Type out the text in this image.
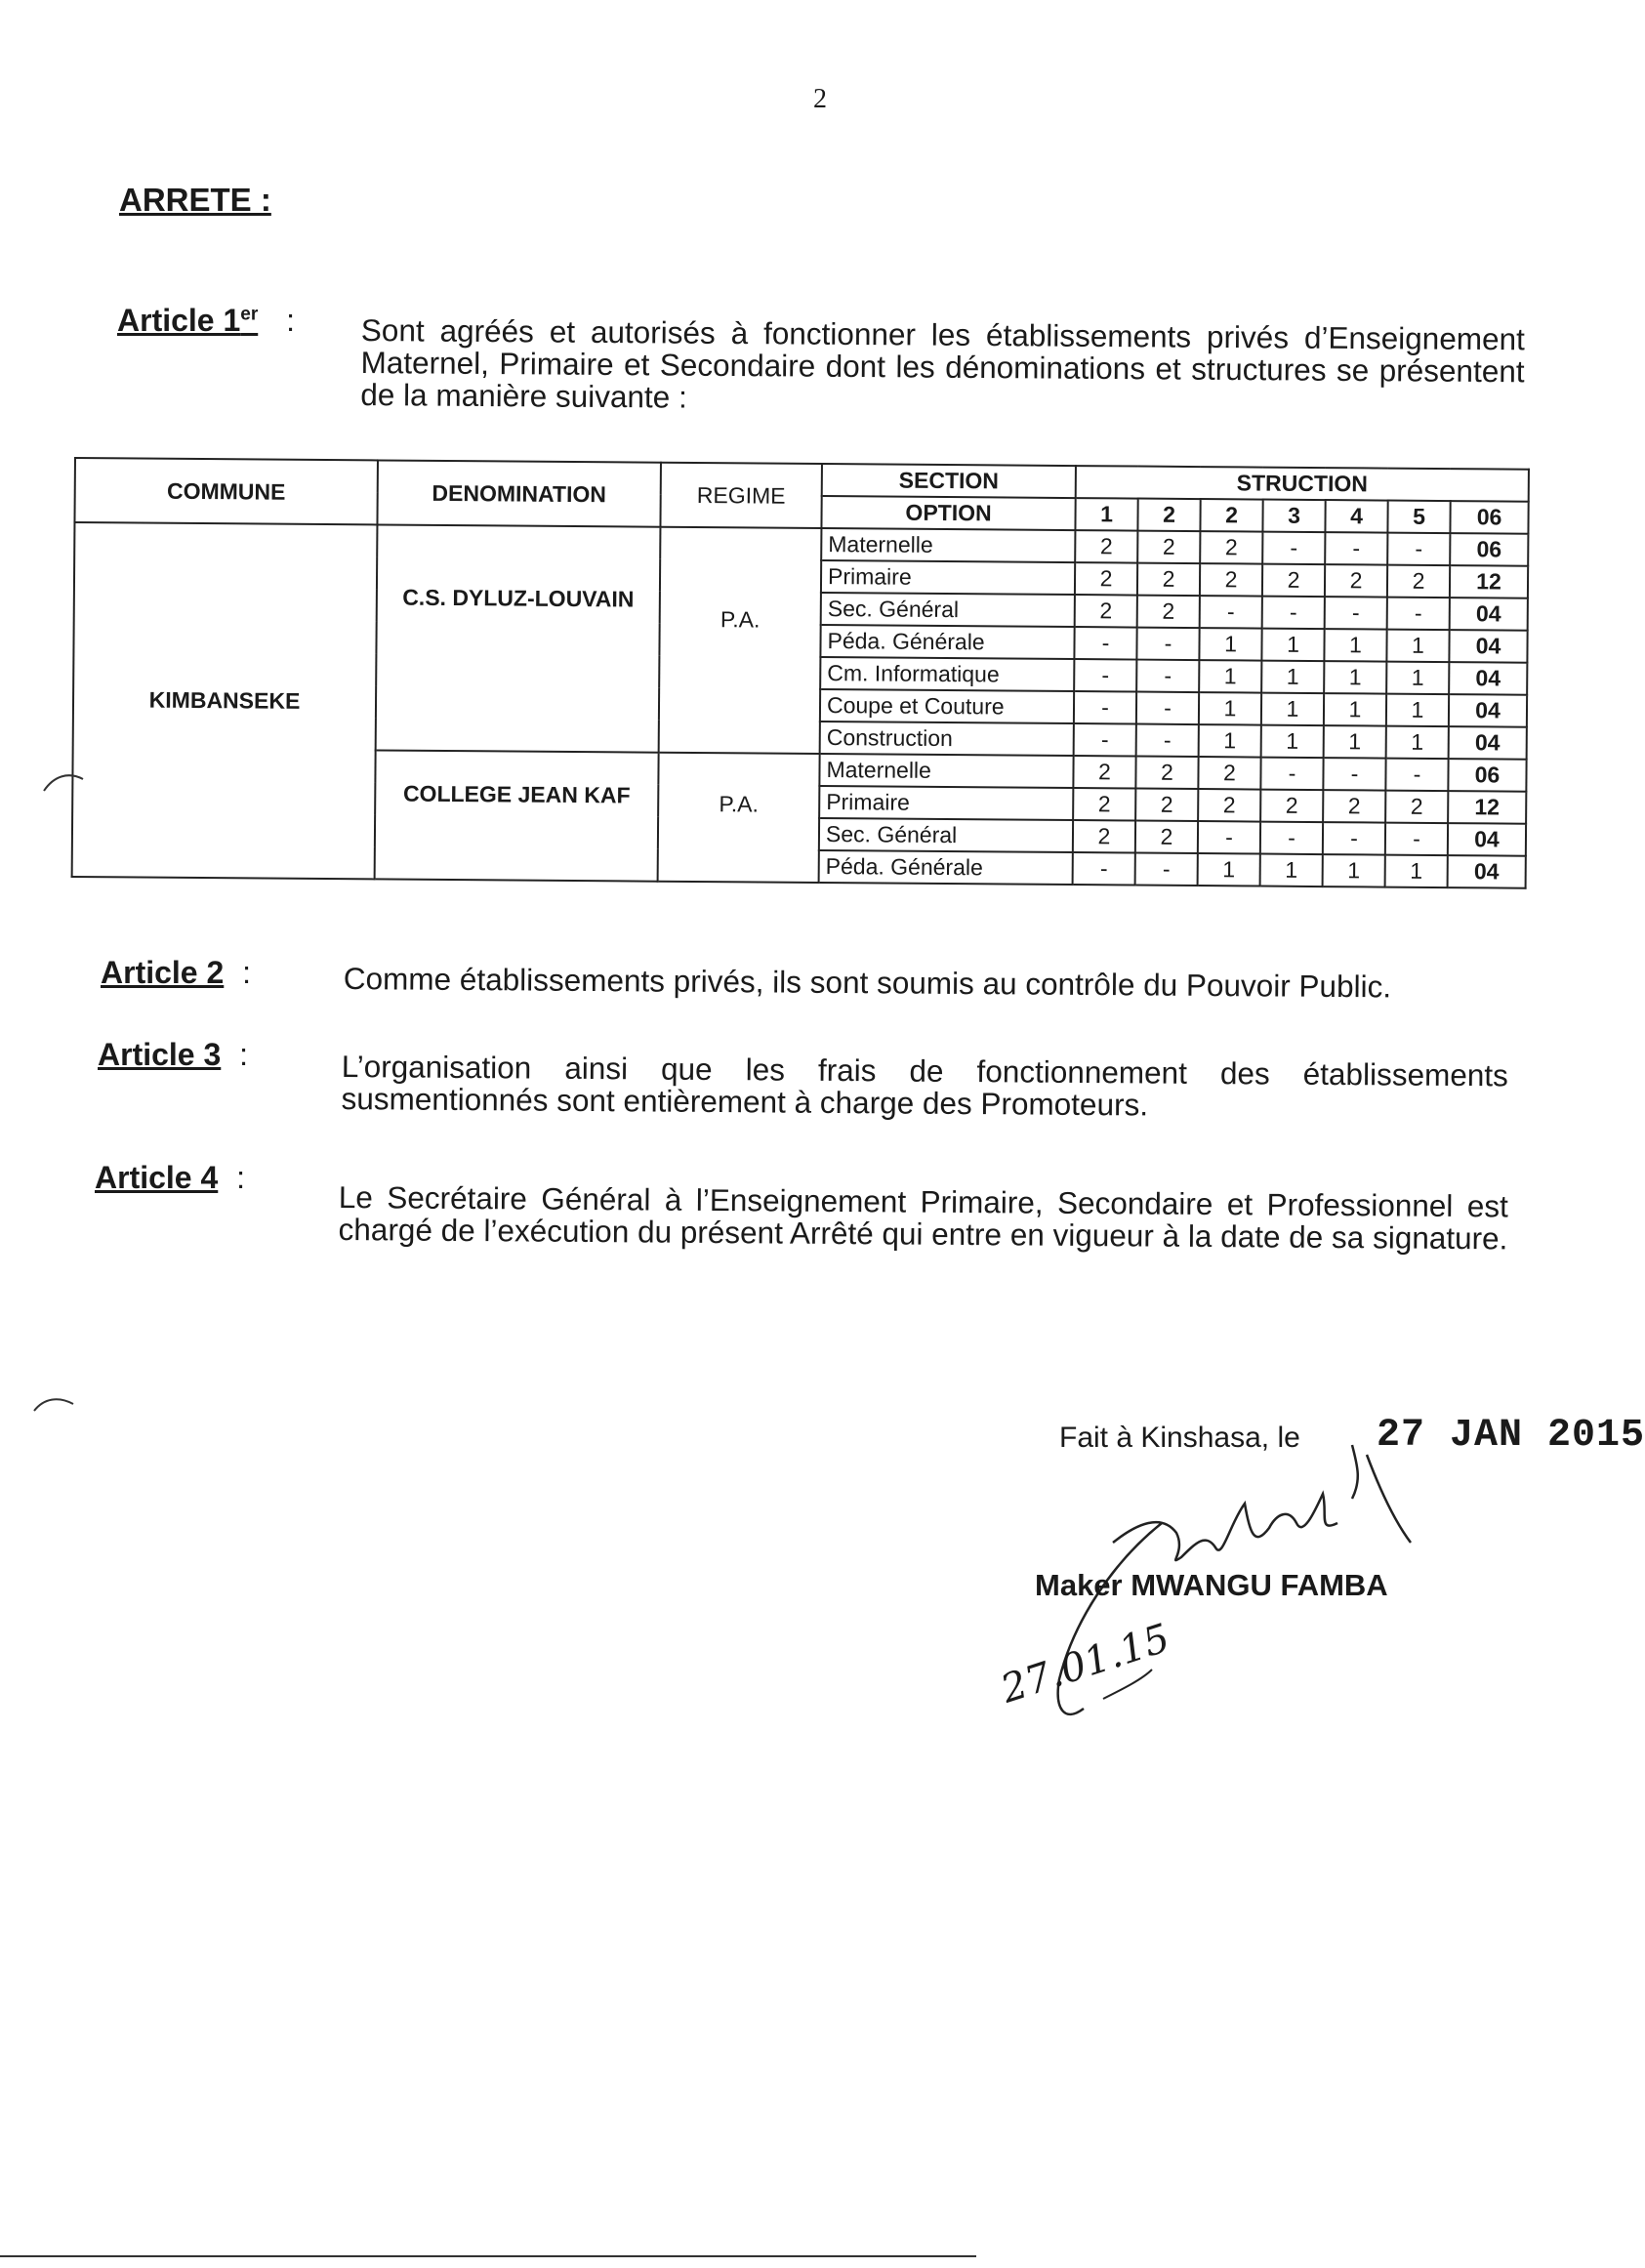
2
ARRETE :
Article 1er : Sont agréés et autorisés à fonctionner les établissements privés d’Enseignement Maternel, Primaire et Secondaire dont les dénominations et structures se présentent de la manière suivante :
COMMUNE	DENOMINATION	REGIME	SECTION	STRUCTION						
			OPTION	1	2	2	3	4	5	06
KIMBANSEKE	C.S. DYLUZ-LOUVAIN	P.A.	Maternelle	2	2	2	-	-	-	06
			Primaire	2	2	2	2	2	2	12
			Sec. Général	2	2	-	-	-	-	04
			Péda. Générale	-	-	1	1	1	1	04
			Cm. Informatique	-	-	1	1	1	1	04
			Coupe et Couture	-	-	1	1	1	1	04
			Construction	-	-	1	1	1	1	04
	COLLEGE JEAN KAF	P.A.	Maternelle	2	2	2	-	-	-	06
			Primaire	2	2	2	2	2	2	12
			Sec. Général	2	2	-	-	-	-	04
			Péda. Générale	-	-	1	1	1	1	04
Article 2 :	Comme établissements privés, ils sont soumis au contrôle du Pouvoir Public.
Article 3 :	L’organisation ainsi que les frais de fonctionnement des établissements susmentionnés sont entièrement à charge des Promoteurs.
Article 4 :
Le Secrétaire Général à l’Enseignement Primaire, Secondaire et Professionnel est chargé de l’exécution du présent Arrêté qui entre en vigueur à la date de sa signature.
Fait à Kinshasa, le 27 JAN 2015
Maker MWANGU FAMBA
27.01.15
